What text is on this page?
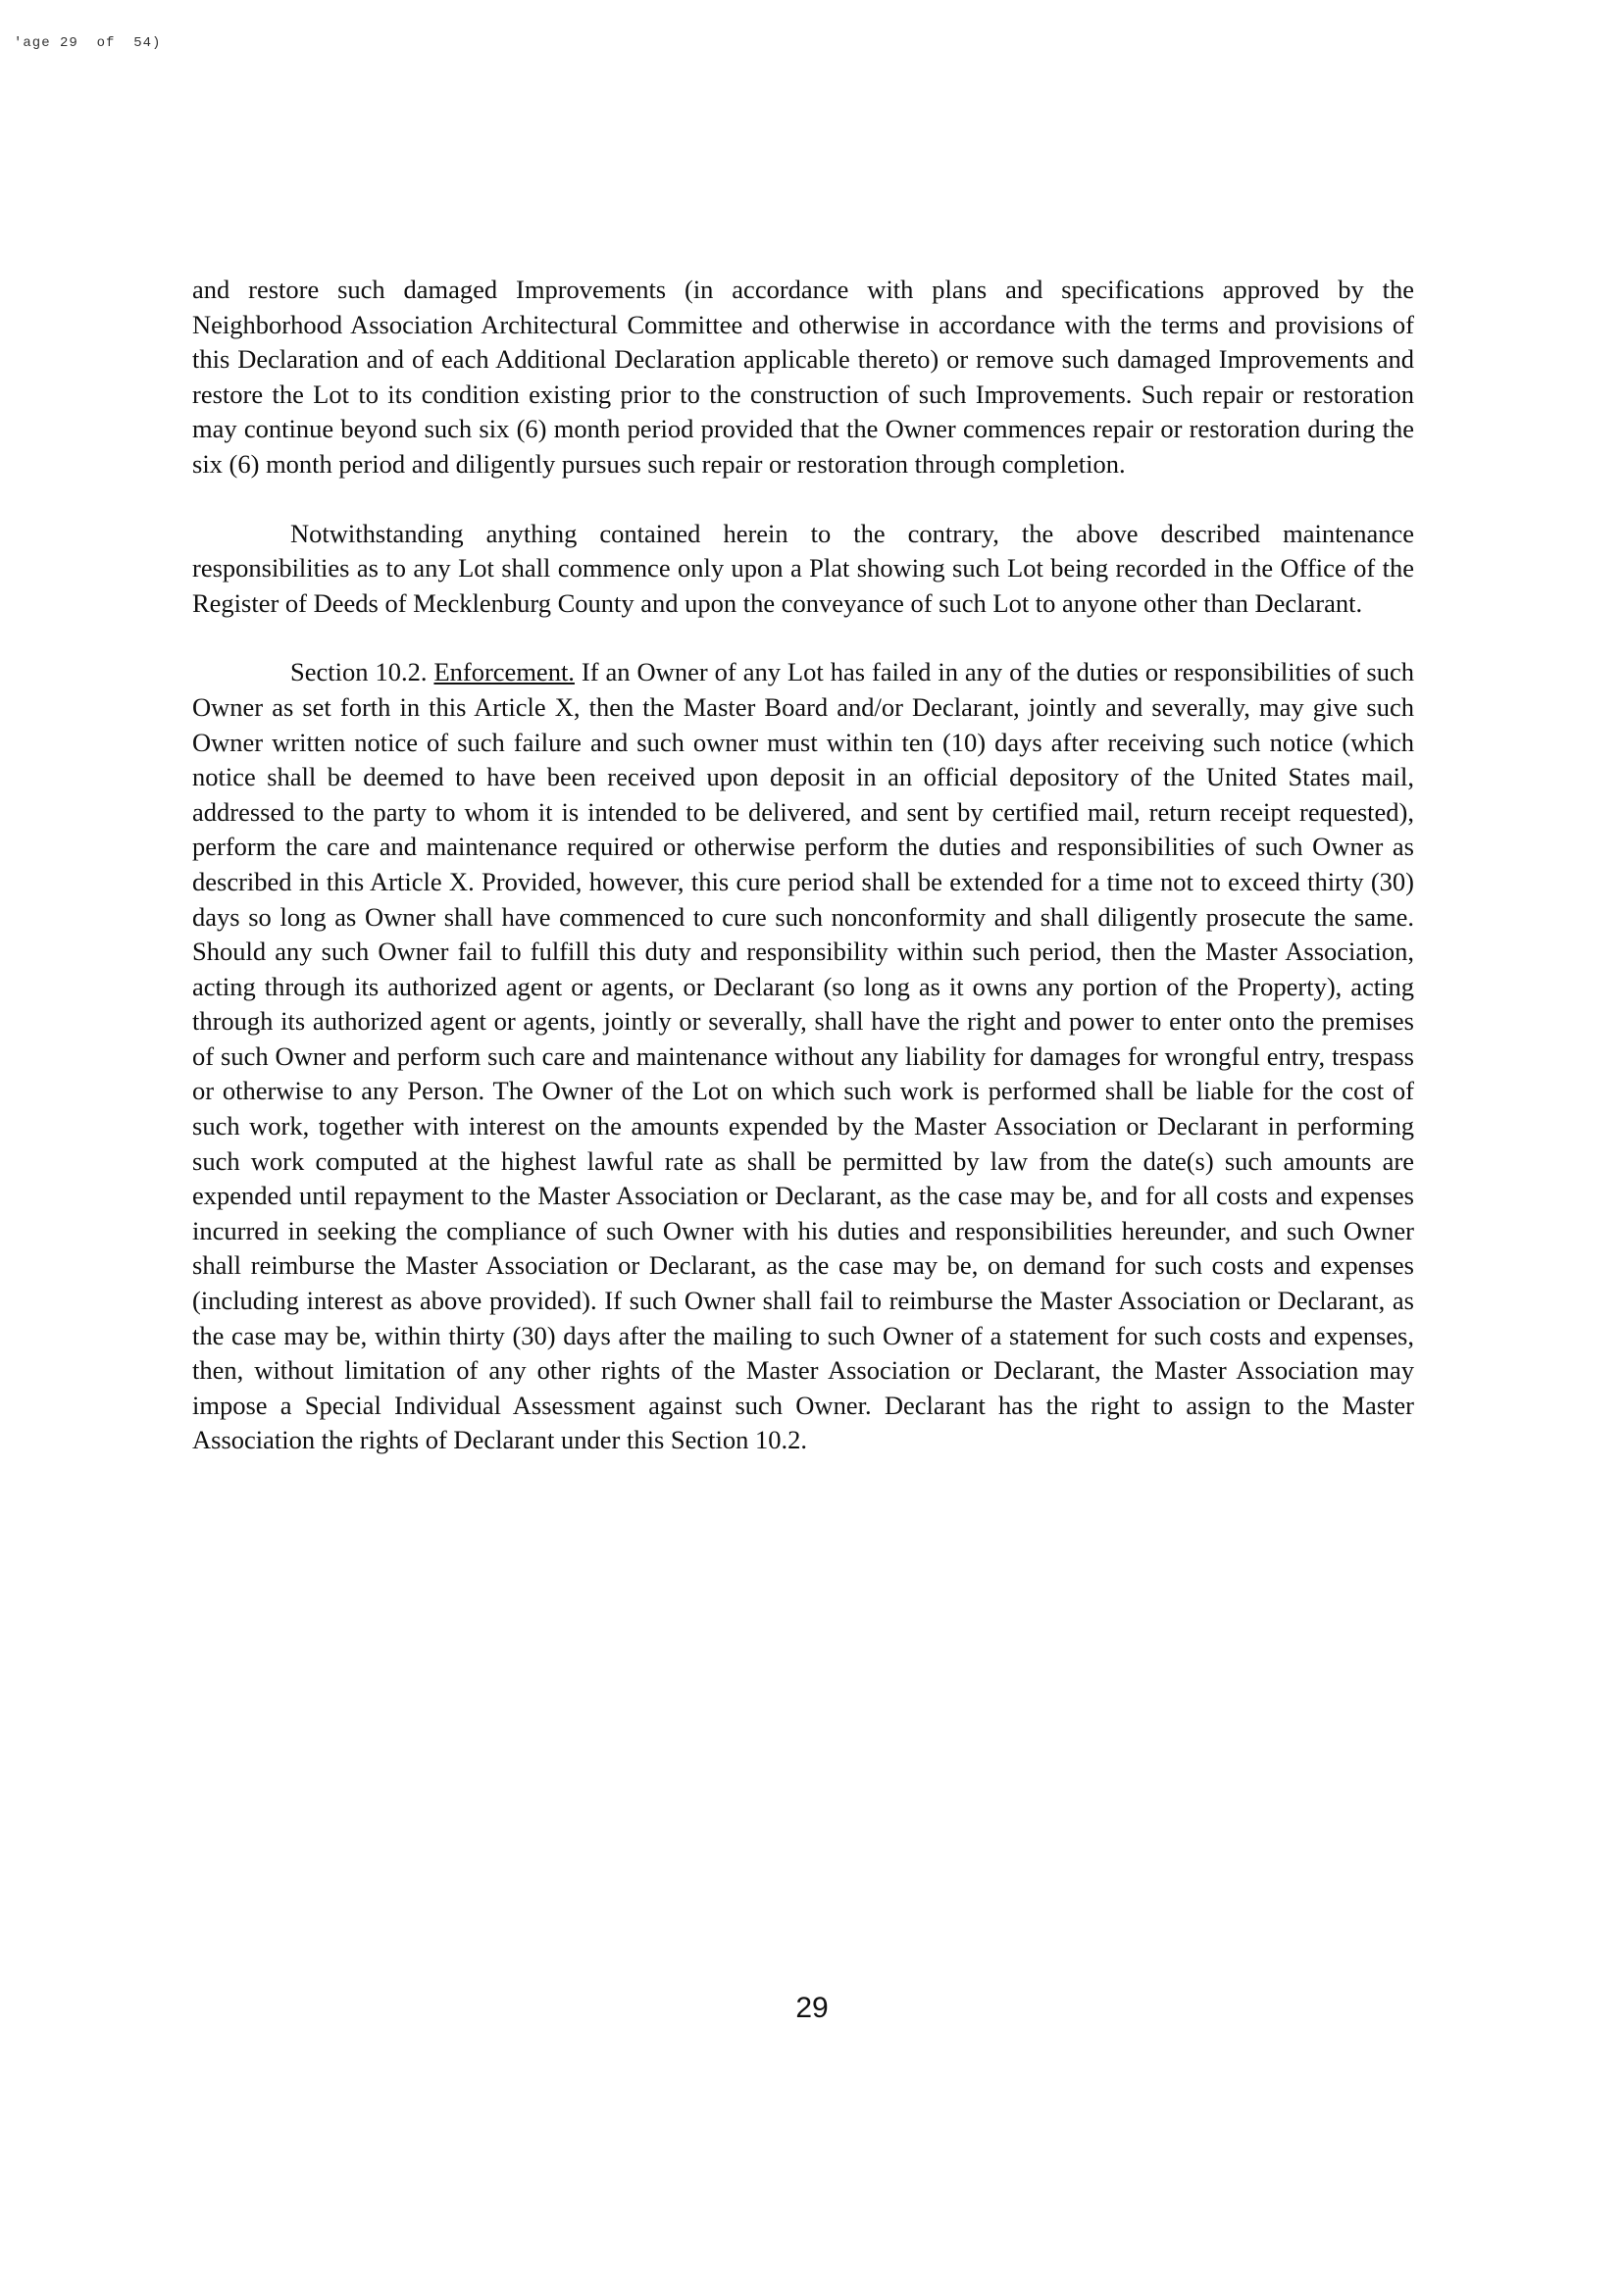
'age 29  of  54)

and restore such damaged Improvements (in accordance with plans and specifications approved by the Neighborhood Association Architectural Committee and otherwise in accordance with the terms and provisions of this Declaration and of each Additional Declaration applicable thereto) or remove such damaged Improvements and restore the Lot to its condition existing prior to the construction of such Improvements. Such repair or restoration may continue beyond such six (6) month period provided that the Owner commences repair or restoration during the six (6) month period and diligently pursues such repair or restoration through completion.

Notwithstanding anything contained herein to the contrary, the above described maintenance responsibilities as to any Lot shall commence only upon a Plat showing such Lot being recorded in the Office of the Register of Deeds of Mecklenburg County and upon the conveyance of such Lot to anyone other than Declarant.

Section 10.2. Enforcement. If an Owner of any Lot has failed in any of the duties or responsibilities of such Owner as set forth in this Article X, then the Master Board and/or Declarant, jointly and severally, may give such Owner written notice of such failure and such owner must within ten (10) days after receiving such notice (which notice shall be deemed to have been received upon deposit in an official depository of the United States mail, addressed to the party to whom it is intended to be delivered, and sent by certified mail, return receipt requested), perform the care and maintenance required or otherwise perform the duties and responsibilities of such Owner as described in this Article X. Provided, however, this cure period shall be extended for a time not to exceed thirty (30) days so long as Owner shall have commenced to cure such nonconformity and shall diligently prosecute the same. Should any such Owner fail to fulfill this duty and responsibility within such period, then the Master Association, acting through its authorized agent or agents, or Declarant (so long as it owns any portion of the Property), acting through its authorized agent or agents, jointly or severally, shall have the right and power to enter onto the premises of such Owner and perform such care and maintenance without any liability for damages for wrongful entry, trespass or otherwise to any Person. The Owner of the Lot on which such work is performed shall be liable for the cost of such work, together with interest on the amounts expended by the Master Association or Declarant in performing such work computed at the highest lawful rate as shall be permitted by law from the date(s) such amounts are expended until repayment to the Master Association or Declarant, as the case may be, and for all costs and expenses incurred in seeking the compliance of such Owner with his duties and responsibilities hereunder, and such Owner shall reimburse the Master Association or Declarant, as the case may be, on demand for such costs and expenses (including interest as above provided). If such Owner shall fail to reimburse the Master Association or Declarant, as the case may be, within thirty (30) days after the mailing to such Owner of a statement for such costs and expenses, then, without limitation of any other rights of the Master Association or Declarant, the Master Association may impose a Special Individual Assessment against such Owner. Declarant has the right to assign to the Master Association the rights of Declarant under this Section 10.2.

29
